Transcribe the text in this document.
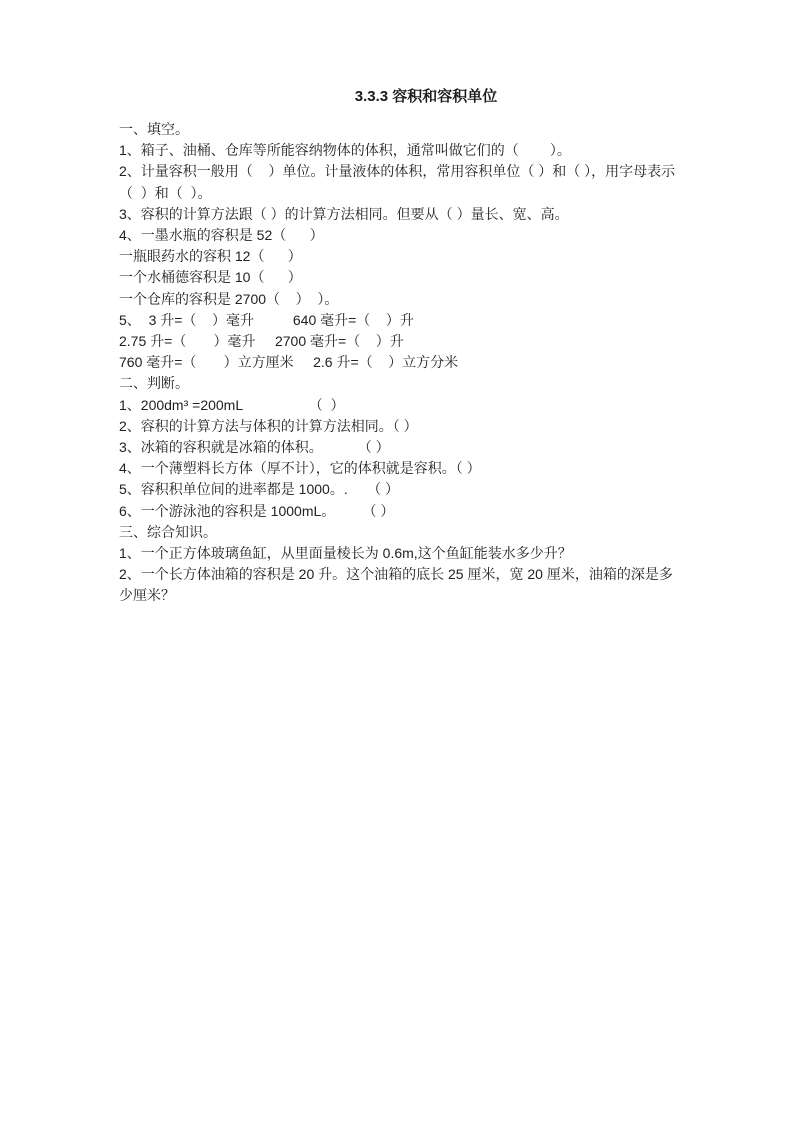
3.3.3 容积和容积单位

一、填空。

1、箱子、油桶、仓库等所能容纳物体的体积，通常叫做它们的（        ）。

2、计量容积一般用（    ）单位。计量液体的体积，常用容积单位（ ）和（ ），用字母表示（  ）和（  ）。

3、容积的计算方法跟（ ）的计算方法相同。但要从（ ）量长、宽、高。

4、一墨水瓶的容积是 52（      ）

一瓶眼药水的容积 12（      ）

一个水桶德容积是 10（      ）

一个仓库的容积是 2700（    ）  ）。

5、  3 升=（    ）毫升          640 毫升=（    ）升

2.75 升=（       ）毫升     2700 毫升=（    ）升

760 毫升=（       ）立方厘米     2.6 升=（    ）立方分米

二、判断。

1、200dm³ =200mL                 （  ）

2、容积的计算方法与体积的计算方法相同。（ ）

3、冰箱的容积就是冰箱的体积。         （ ）

4、一个薄塑料长方体（厚不计），它的体积就是容积。（ ）

5、容积积单位间的进率都是 1000。.     （ ）

6、一个游泳池的容积是 1000mL。       （ ）

三、综合知识。

1、一个正方体玻璃鱼缸，从里面量棱长为 0.6m,这个鱼缸能装水多少升？

2、一个长方体油箱的容积是 20 升。这个油箱的底长 25 厘米，宽 20 厘米，油箱的深是多少厘米？
